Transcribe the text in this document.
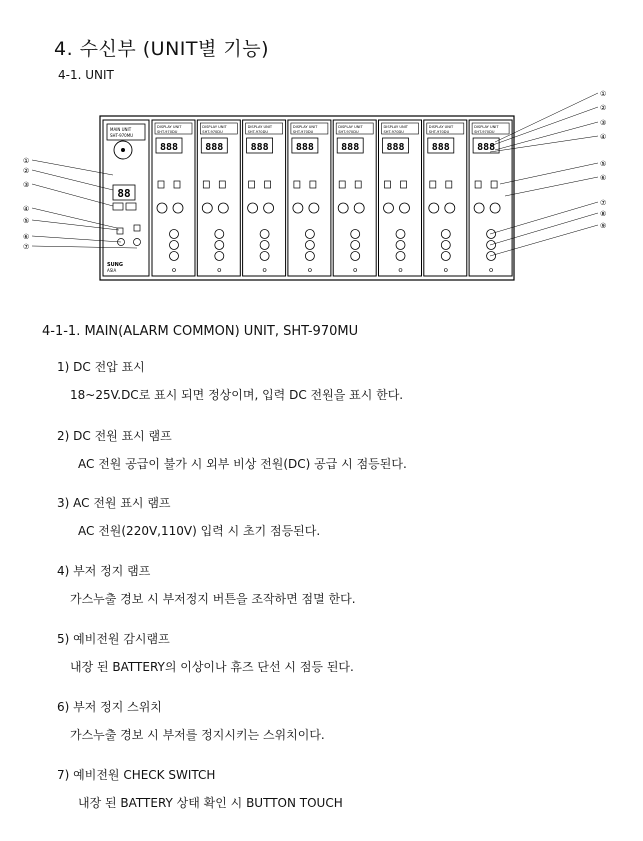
4. 수신부 (UNIT별 기능)
4-1. UNIT
MAIN UNIT
SHT-970MU
88
SUNG
ASIA
DISPLAY UNIT
SHT-970DU
888
DISPLAY UNIT
SHT-970DU
888
DISPLAY UNIT
SHT-970DU
888
DISPLAY UNIT
SHT-970DU
888
DISPLAY UNIT
SHT-970DU
888
DISPLAY UNIT
SHT-970DU
888
DISPLAY UNIT
SHT-970DU
888
DISPLAY UNIT
SHT-970DU
888
①
②
③
④
⑤
⑥
⑦
①
②
③
④
⑤
⑥
⑦
⑧
⑨
4-1-1. MAIN(ALARM COMMON) UNIT, SHT-970MU
1) DC 전압 표시
18~25V.DC로 표시 되면 정상이며, 입력 DC 전원을 표시 한다.
2) DC 전원 표시 램프
AC 전원 공급이 불가 시 외부 비상 전원(DC) 공급 시 점등된다.
3) AC 전원 표시 램프
AC 전원(220V,110V) 입력 시 초기 점등된다.
4) 부저 정지 램프
가스누출 경보 시 부저정지 버튼을 조작하면 점멸 한다.
5) 예비전원 감시램프
내장 된 BATTERY의 이상이나 휴즈 단선 시 점등 된다.
6) 부저 정지 스위치
가스누출 경보 시 부저를 정지시키는 스위치이다.
7) 예비전원 CHECK SWITCH
내장 된 BATTERY 상태 확인 시 BUTTON TOUCH
